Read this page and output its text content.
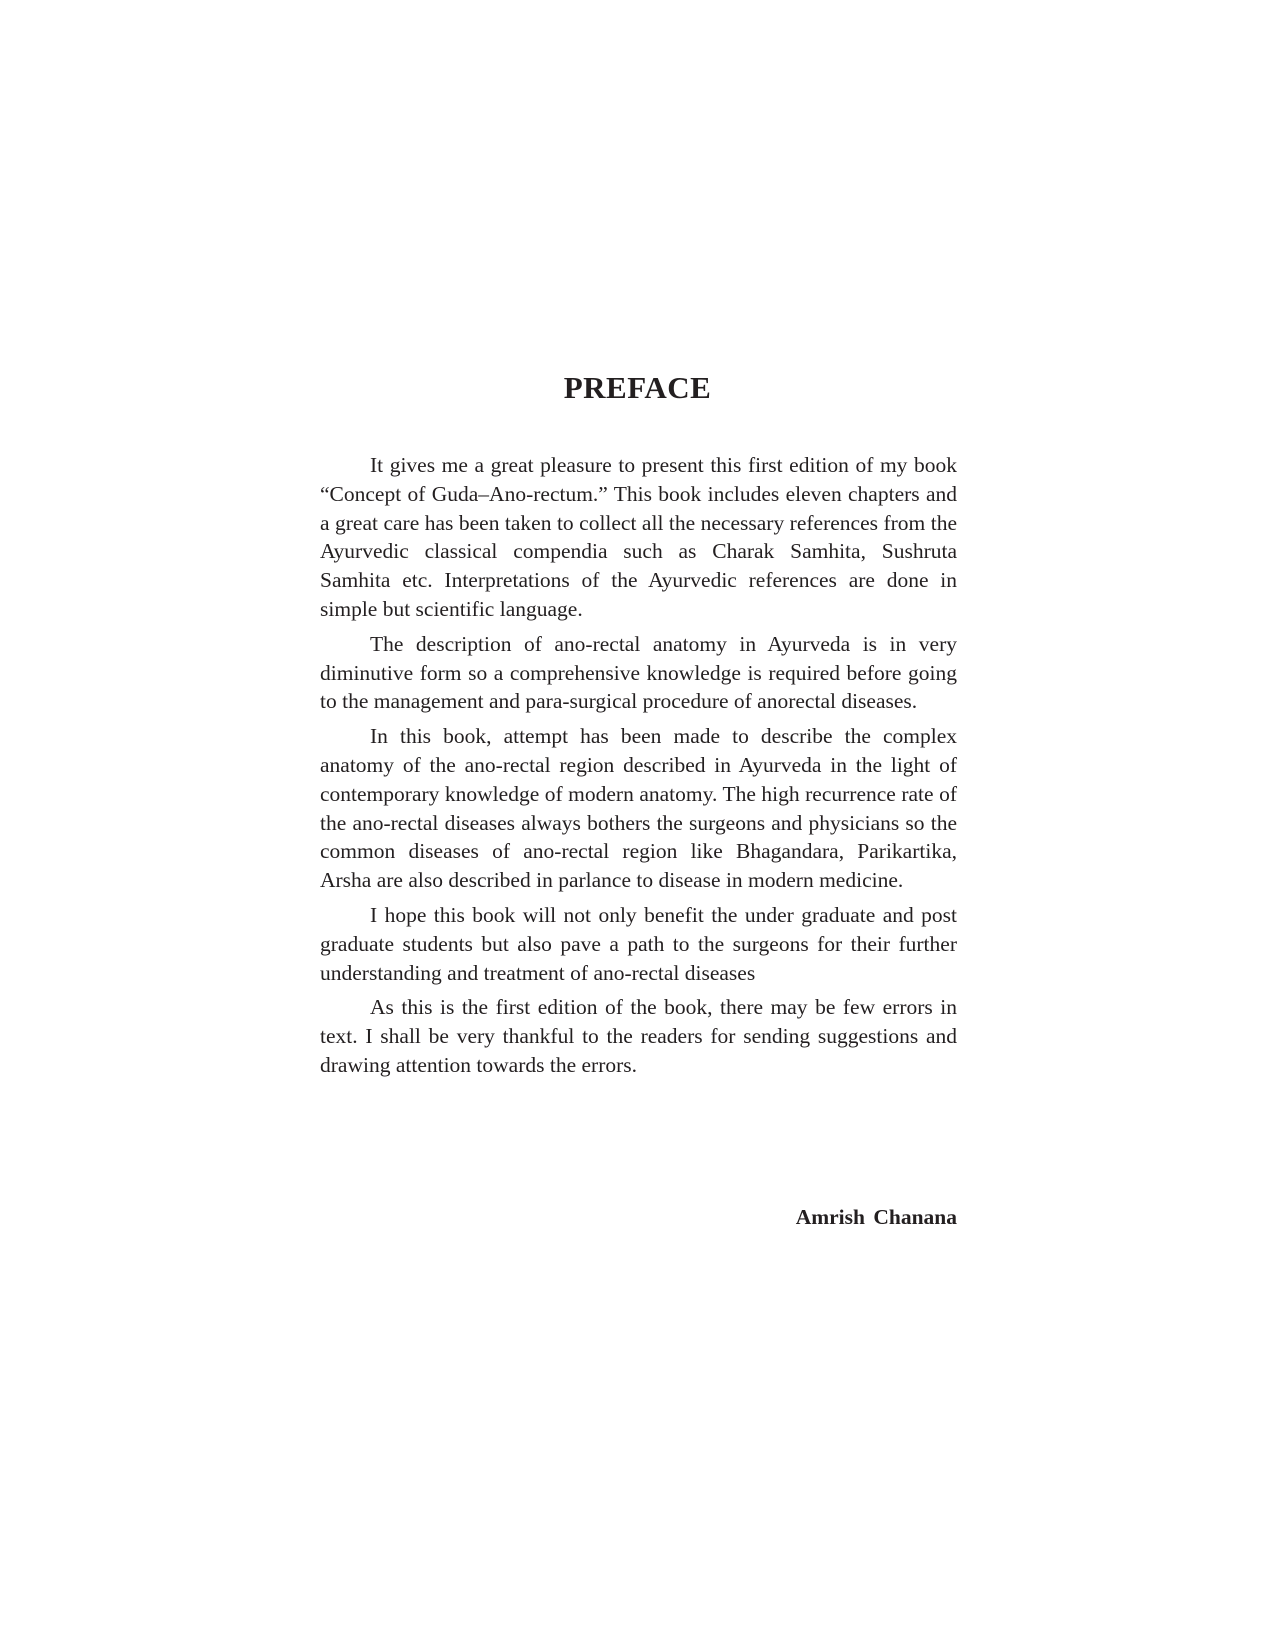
PREFACE

It gives me a great pleasure to present this first edition of my book “Concept of Guda–Ano-rectum.” This book includes eleven chapters and a great care has been taken to collect all the necessary references from the Ayurvedic classical compendia such as Charak Samhita, Sushruta Samhita etc. Interpretations of the Ayurvedic references are done in simple but scientific language.

The description of ano-rectal anatomy in Ayurveda is in very diminutive form so a comprehensive knowledge is required before going to the management and para-surgical procedure of anorectal diseases.

In this book, attempt has been made to describe the complex anatomy of the ano-rectal region described in Ayurveda in the light of contemporary knowledge of modern anatomy. The high recurrence rate of the ano-rectal diseases always bothers the surgeons and physicians so the common diseases of ano-rectal region like Bhagandara, Parikartika, Arsha are also described in parlance to disease in modern medicine.

I hope this book will not only benefit the under graduate and post graduate students but also pave a path to the surgeons for their further understanding and treatment of ano-rectal diseases

As this is the first edition of the book, there may be few errors in text. I shall be very thankful to the readers for sending suggestions and drawing attention towards the errors.

Amrish Chanana
